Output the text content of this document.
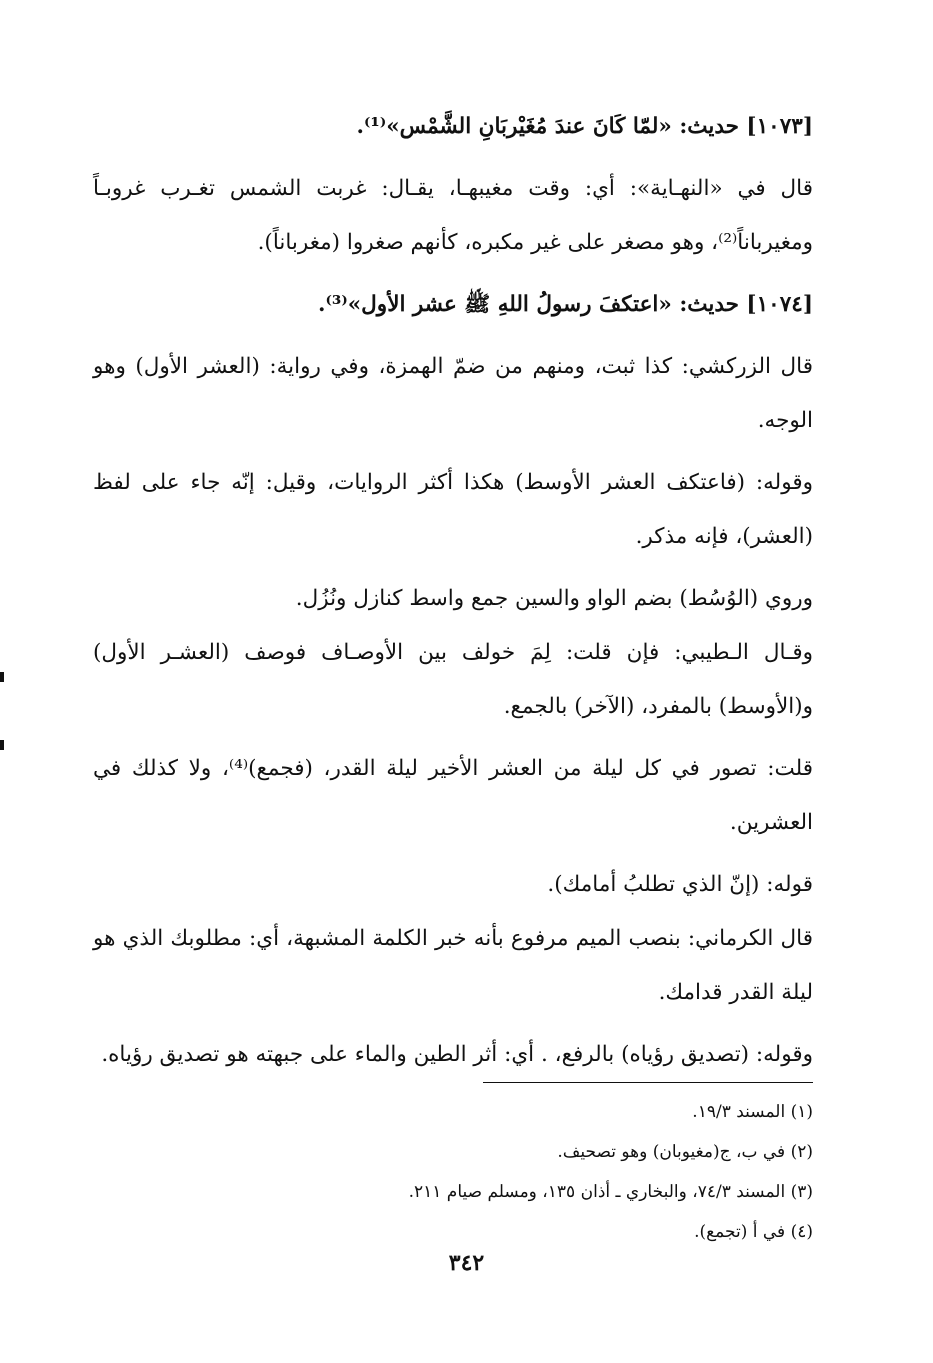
[١٠٧٣] حديث: «لمّا كَانَ عندَ مُغَيْربَانِ الشَّمْس»⁽¹⁾.

قال في «النهـاية»: أي: وقت مغيبهـا، يقـال: غربت الشمس تغـرب غروبـاً ومغيرباناً⁽²⁾، وهو مصغر على غير مكبره، كأنهم صغروا (مغرباناً).

[١٠٧٤] حديث: «اعتكفَ رسولُ اللهِ ﷺ عشر الأول»⁽³⁾.

قال الزركشي: كذا ثبت، ومنهم من ضمّ الهمزة، وفي رواية: (العشر الأول) وهو الوجه.

وقوله: (فاعتكف العشر الأوسط) هكذا أكثر الروايات، وقيل: إنّه جاء على لفظ (العشر)، فإنه مذكر.

وروي (الوُسُط) بضم الواو والسين جمع واسط كنازل ونُزُل.

وقـال الـطيبي: فإن قلت: لِمَ خولف بين الأوصـاف فوصف (العشـر الأول) و(الأوسط) بالمفرد، (الآخر) بالجمع.

قلت: تصور في كل ليلة من العشر الأخير ليلة القدر، (فجمع)⁽⁴⁾، ولا كذلك في العشرين.

قوله: (إنّ الذي تطلبُ أمامك).

قال الكرماني: بنصب الميم مرفوع بأنه خبر الكلمة المشبهة، أي: مطلوبك الذي هو ليلة القدر قدامك.

وقوله: (تصديق رؤياه) بالرفع، . أي: أثر الطين والماء على جبهته هو تصديق رؤياه.

(١) المسند ١٩/٣.

(٢) في ب، ج(مغيوبان) وهو تصحيف.

(٣) المسند ٧٤/٣، والبخاري ـ أذان ١٣٥، ومسلم صيام ٢١١.

(٤) في أ (تجمع).

٣٤٢
